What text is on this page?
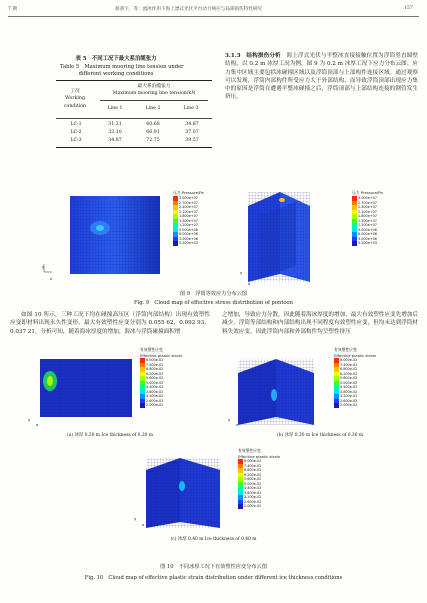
7 期	蔡茜宇，等：流冰作用下海上漂式光伏平台动力响应与局部损伤特性研究	157
表 5　不同工况下最大系泊缆张力
Table 5　Maximum mooring line tension under
different working conditions
工况
Working
condition
最大系泊缆张力
Maximum mooring line tension/kN
Line 1	Line 2	Line 3
LC-1	31.21	60.68	34.87
LC-2	33.10	66.91	37.07
LC-3	34.87	72.75	39.57
3.1.3　结构损伤分析  海上浮式光伏与平整冰直接接触位置为浮筒竖直圆壁结构，以 0.2 m 冰厚工况为例，图 9 为 0.2 m 冰厚工况下应力分布云图。应力集中区域主要包括冰碰撞区域以及浮筒顶部与上部构件连接区域。通过观察可以发现，浮筒内部构件所受应力大于外部结构，而导致浮筒顶部出现应力集中的原因是浮筒在遭遇平整冰碰撞之后，浮筒顶部与上部结构连接的钢管发生挤压。
y
z
压力 Pressure/Pa
3.000e+07
2.700e+07
2.400e+07
2.100e+07
1.800e+07
1.500e+07
1.200e+07
9.000e+06
6.000e+06
3.000e+06
3.200e+03
y
x
压力 Pressure/Pa
3.000e+07
2.700e+07
2.400e+07
2.100e+07
1.800e+07
1.500e+07
1.200e+07
9.000e+06
6.000e+06
3.000e+06
3.200e+03
图 9　浮筒等效应力分布云图
Fig. 9　Cloud map of effective stress distribution of pontoon
如图 10 所示，三种工况下均在碰撞高压区（浮筒内部结构）出现有效塑性应变即材料出现永久性变形，最大有效塑性应变分别为 0.055 62、0.092 93、0.037 21。分析可知，随着海冰厚度的增加，海冰与浮筒碰撞面积增
之增加，导致应力分散，因此随着海冰厚度的增加，最大有效塑性应变先增加后减少。浮筒等部结构和内部结构出现不同程度有效塑性应变，但均未达到浮筒材料失效应变，因此浮筒内部和外部构件均呈塑性挤压
y
x
有效塑性应变
Effective plastic strain
8.000e-02
7.400e-02
6.800e-02
6.200e-02
5.600e-02
5.000e-02
4.400e-02
3.800e-02
3.200e-02
2.600e-02
2.000e-02
(a) 冰厚 0.20 m Ice thickness of 0.20 m
y
x
有效塑性应变
Effective plastic strain
8.000e-02
7.400e-02
6.800e-02
6.200e-02
5.600e-02
5.000e-02
4.400e-02
3.800e-02
3.200e-02
2.600e-02
2.000e-02
(b) 冰厚 0.30 m Ice thickness of 0.30 m
y
x
有效塑性应变
Effective plastic strain
8.000e-02
7.400e-02
6.800e-02
6.200e-02
5.600e-02
5.000e-02
4.400e-02
3.800e-02
3.200e-02
2.600e-02
2.000e-02
(c) 冰厚 0.40 m Ice thickness of 0.40 m
图 10　不同冰厚工况下有效塑性应变分布云图
Fig. 10　Cloud map of effective plastic strain distribution under different ice thickness conditions
